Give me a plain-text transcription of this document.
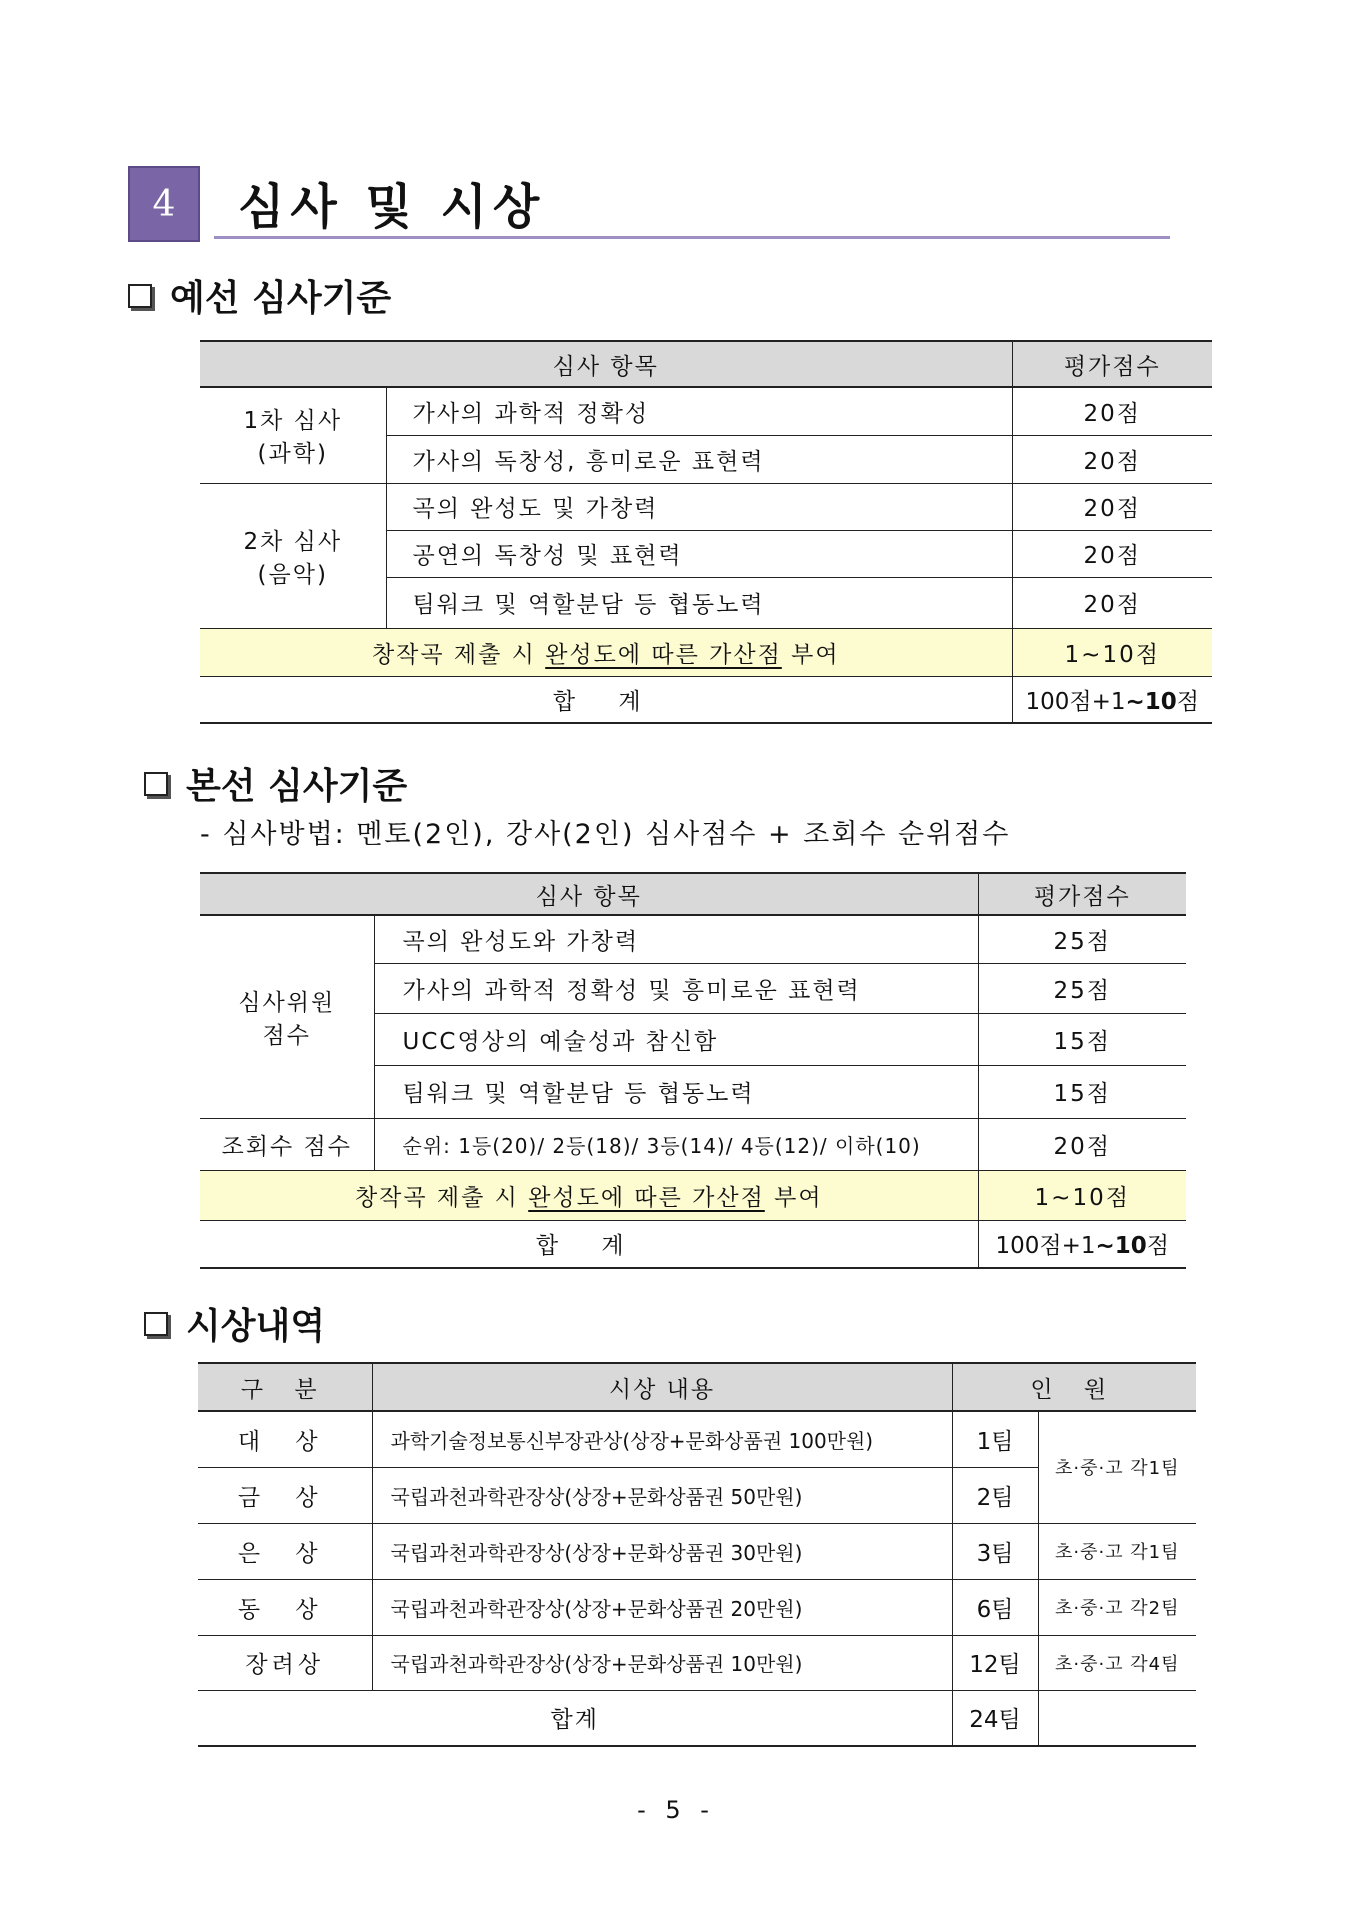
4	심사 및 시상
예선 심사기준
심사 항목		평가점수

1차 심사
(과학)	가사의 과학적 정확성	20점
	가사의 독창성, 흥미로운 표현력	20점

2차 심사
(음악)	곡의 완성도 및 가창력	20점
	공연의 독창성 및 표현력	20점
	팀워크 및 역할분담 등 협동노력	20점
창작곡 제출 시 완성도에 따른 가산점 부여		1~10점
합 계		100점+1~10점
본선 심사기준
- 심사방법: 멘토(2인), 강사(2인) 심사점수 + 조회수 순위점수
심사 항목		평가점수

심사위원
점수	곡의 완성도와 가창력	25점
	가사의 과학적 정확성 및 흥미로운 표현력	25점
	UCC영상의 예술성과 참신함	15점
	팀워크 및 역할분담 등 협동노력	15점
조회수 점수	순위: 1등(20)/ 2등(18)/ 3등(14)/ 4등(12)/ 이하(10)	20점
창작곡 제출 시 완성도에 따른 가산점 부여		1~10점
합 계		100점+1~10점
시상내역
구 분	시상 내용	인 원	
대 상	과학기술정보통신부장관상(상장+문화상품권 100만원)	1팀	초·중·고 각1팀
금 상	국립과천과학관장상(상장+문화상품권 50만원)	2팀	
은 상	국립과천과학관장상(상장+문화상품권 30만원)	3팀	초·중·고 각1팀
동 상	국립과천과학관장상(상장+문화상품권 20만원)	6팀	초·중·고 각2팀
장려상	국립과천과학관장상(상장+문화상품권 10만원)	12팀	초·중·고 각4팀
합계		24팀	
- 5 -
